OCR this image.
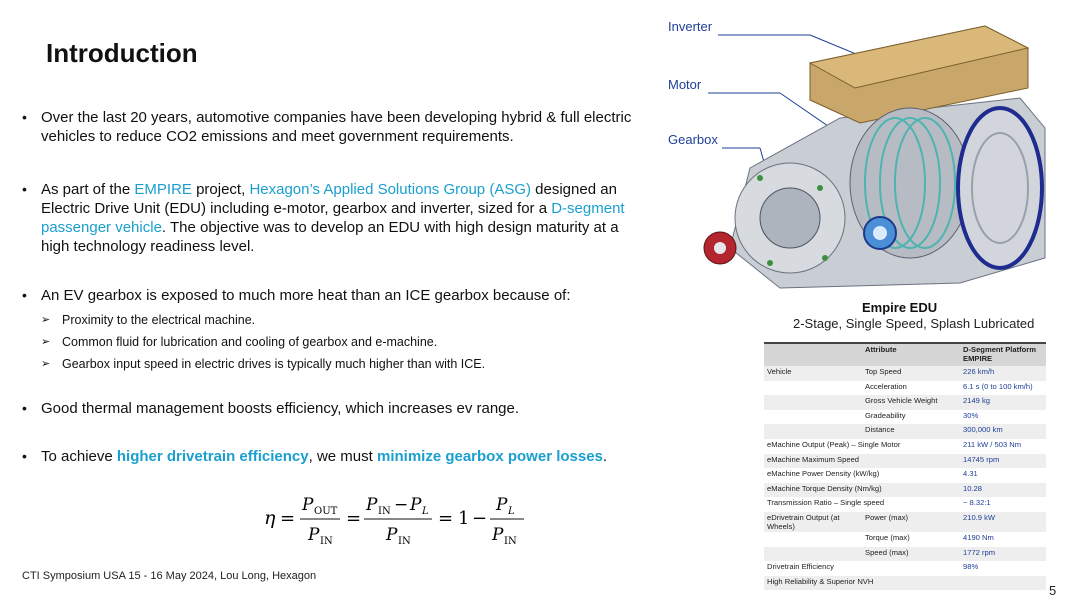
Introduction
• Over the last 20 years, automotive companies have been developing hybrid & full electric vehicles to reduce CO2 emissions and meet government requirements.
• As part of the EMPIRE project, Hexagon’s Applied Solutions Group (ASG) designed an Electric Drive Unit (EDU) including e-motor, gearbox and inverter, sized for a D-segment passenger vehicle. The objective was to develop an EDU with high design maturity at a high technology readiness level.
• An EV gearbox is exposed to much more heat than an ICE gearbox because of:
➢ Proximity to the electrical machine.
➢ Common fluid for lubrication and cooling of gearbox and e-machine.
➢ Gearbox input speed in electric drives is typically much higher than with ICE.
• Good thermal management boosts efficiency, which increases ev range.
• To achieve higher drivetrain efficiency, we must minimize gearbox power losses.
η =
P OUT
P IN
=
P IN − P L
P IN
= 1 −
P L
P IN
Inverter
Motor
Gearbox
Empire EDU
2-Stage, Single Speed, Splash Lubricated
	Attribute	D-Segment Platform EMPIRE
Vehicle	Top Speed	226 km/h
	Acceleration	6.1 s (0 to 100 km/h)
	Gross Vehicle Weight	2149 kg
	Gradeability	30%
	Distance	300,000 km
eMachine Output (Peak) – Single Motor		211 kW / 503 Nm
eMachine Maximum Speed		14745 rpm
eMachine Power Density (kW/kg)		4.31
eMachine Torque Density (Nm/kg)		10.28
Transmission Ratio – Single speed		~ 8.32:1
eDrivetrain Output (at Wheels)	Power (max)	210.9 kW
	Torque (max)	4190 Nm
	Speed (max)	1772 rpm
Drivetrain Efficiency		98%
High Reliability & Superior NVH		
CTI Symposium USA 15 - 16 May 2024, Lou Long, Hexagon
5
